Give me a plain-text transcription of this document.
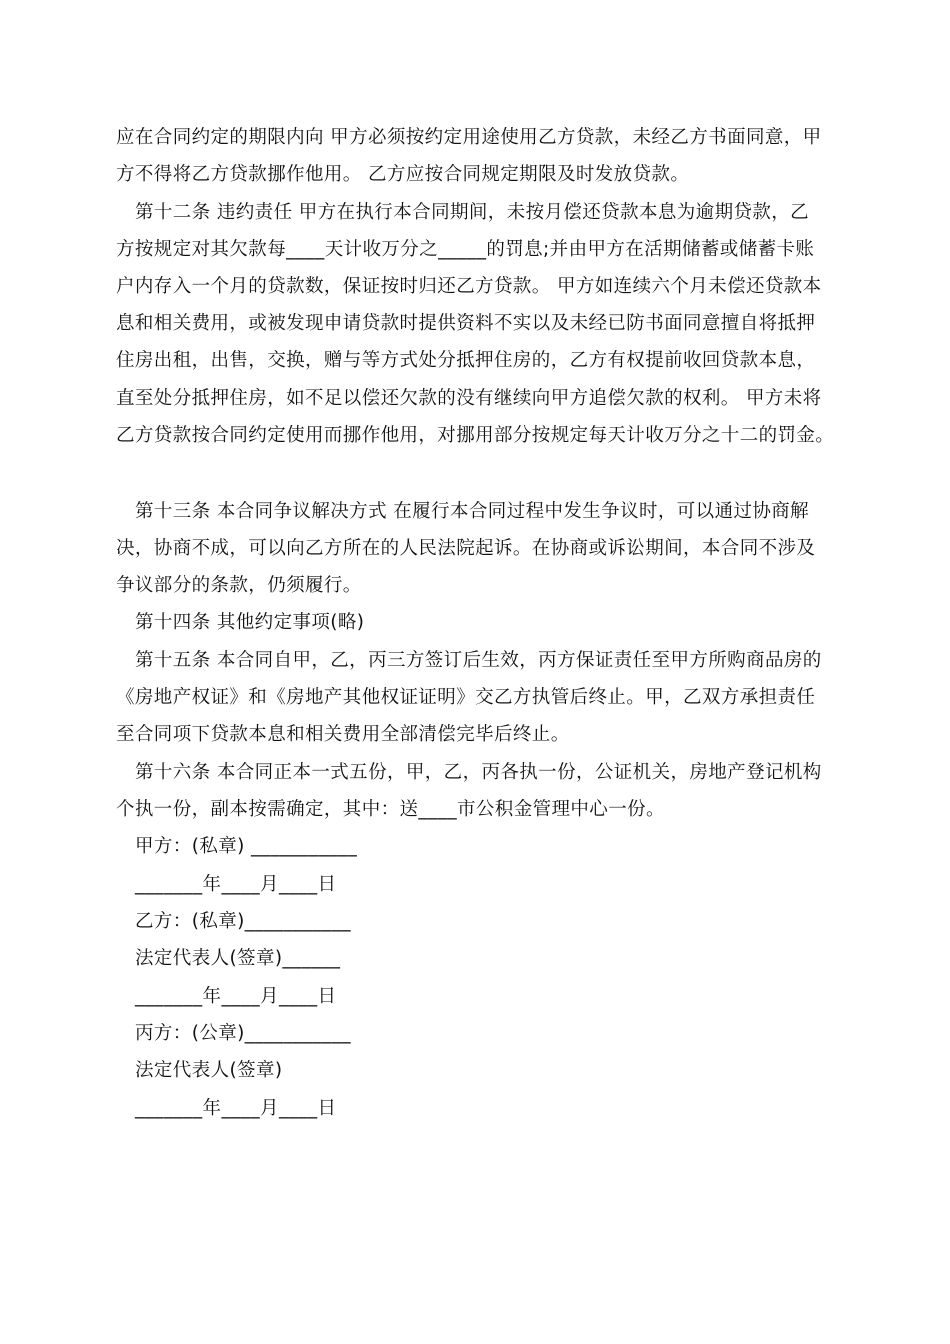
应在合同约定的期限内向 甲方必须按约定用途使用乙方贷款，未经乙方书面同意，甲
方不得将乙方贷款挪作他用。 乙方应按合同规定期限及时发放贷款。
第十二条 违约责任 甲方在执行本合同期间，未按月偿还贷款本息为逾期贷款，乙
方按规定对其欠款每____天计收万分之_____的罚息;并由甲方在活期储蓄或储蓄卡账
户内存入一个月的贷款数，保证按时归还乙方贷款。 甲方如连续六个月未偿还贷款本
息和相关费用，或被发现申请贷款时提供资料不实以及未经已防书面同意擅自将抵押
住房出租，出售，交换，赠与等方式处分抵押住房的，乙方有权提前收回贷款本息，
直至处分抵押住房，如不足以偿还欠款的没有继续向甲方追偿欠款的权利。 甲方未将
乙方贷款按合同约定使用而挪作他用，对挪用部分按规定每天计收万分之十二的罚金。
第十三条 本合同争议解决方式 在履行本合同过程中发生争议时，可以通过协商解
决，协商不成，可以向乙方所在的人民法院起诉。在协商或诉讼期间，本合同不涉及
争议部分的条款，仍须履行。
第十四条 其他约定事项(略)
第十五条 本合同自甲，乙，丙三方签订后生效，丙方保证责任至甲方所购商品房的
《房地产权证》和《房地产其他权证证明》交乙方执管后终止。甲，乙双方承担责任
至合同项下贷款本息和相关费用全部清偿完毕后终止。
第十六条 本合同正本一式五份，甲，乙，丙各执一份，公证机关，房地产登记机构
个执一份，副本按需确定，其中：送____市公积金管理中心一份。
甲方：(私章) ___________
_______年____月____日
乙方：(私章)___________
法定代表人(签章)______
_______年____月____日
丙方：(公章)___________
法定代表人(签章)
_______年____月____日
